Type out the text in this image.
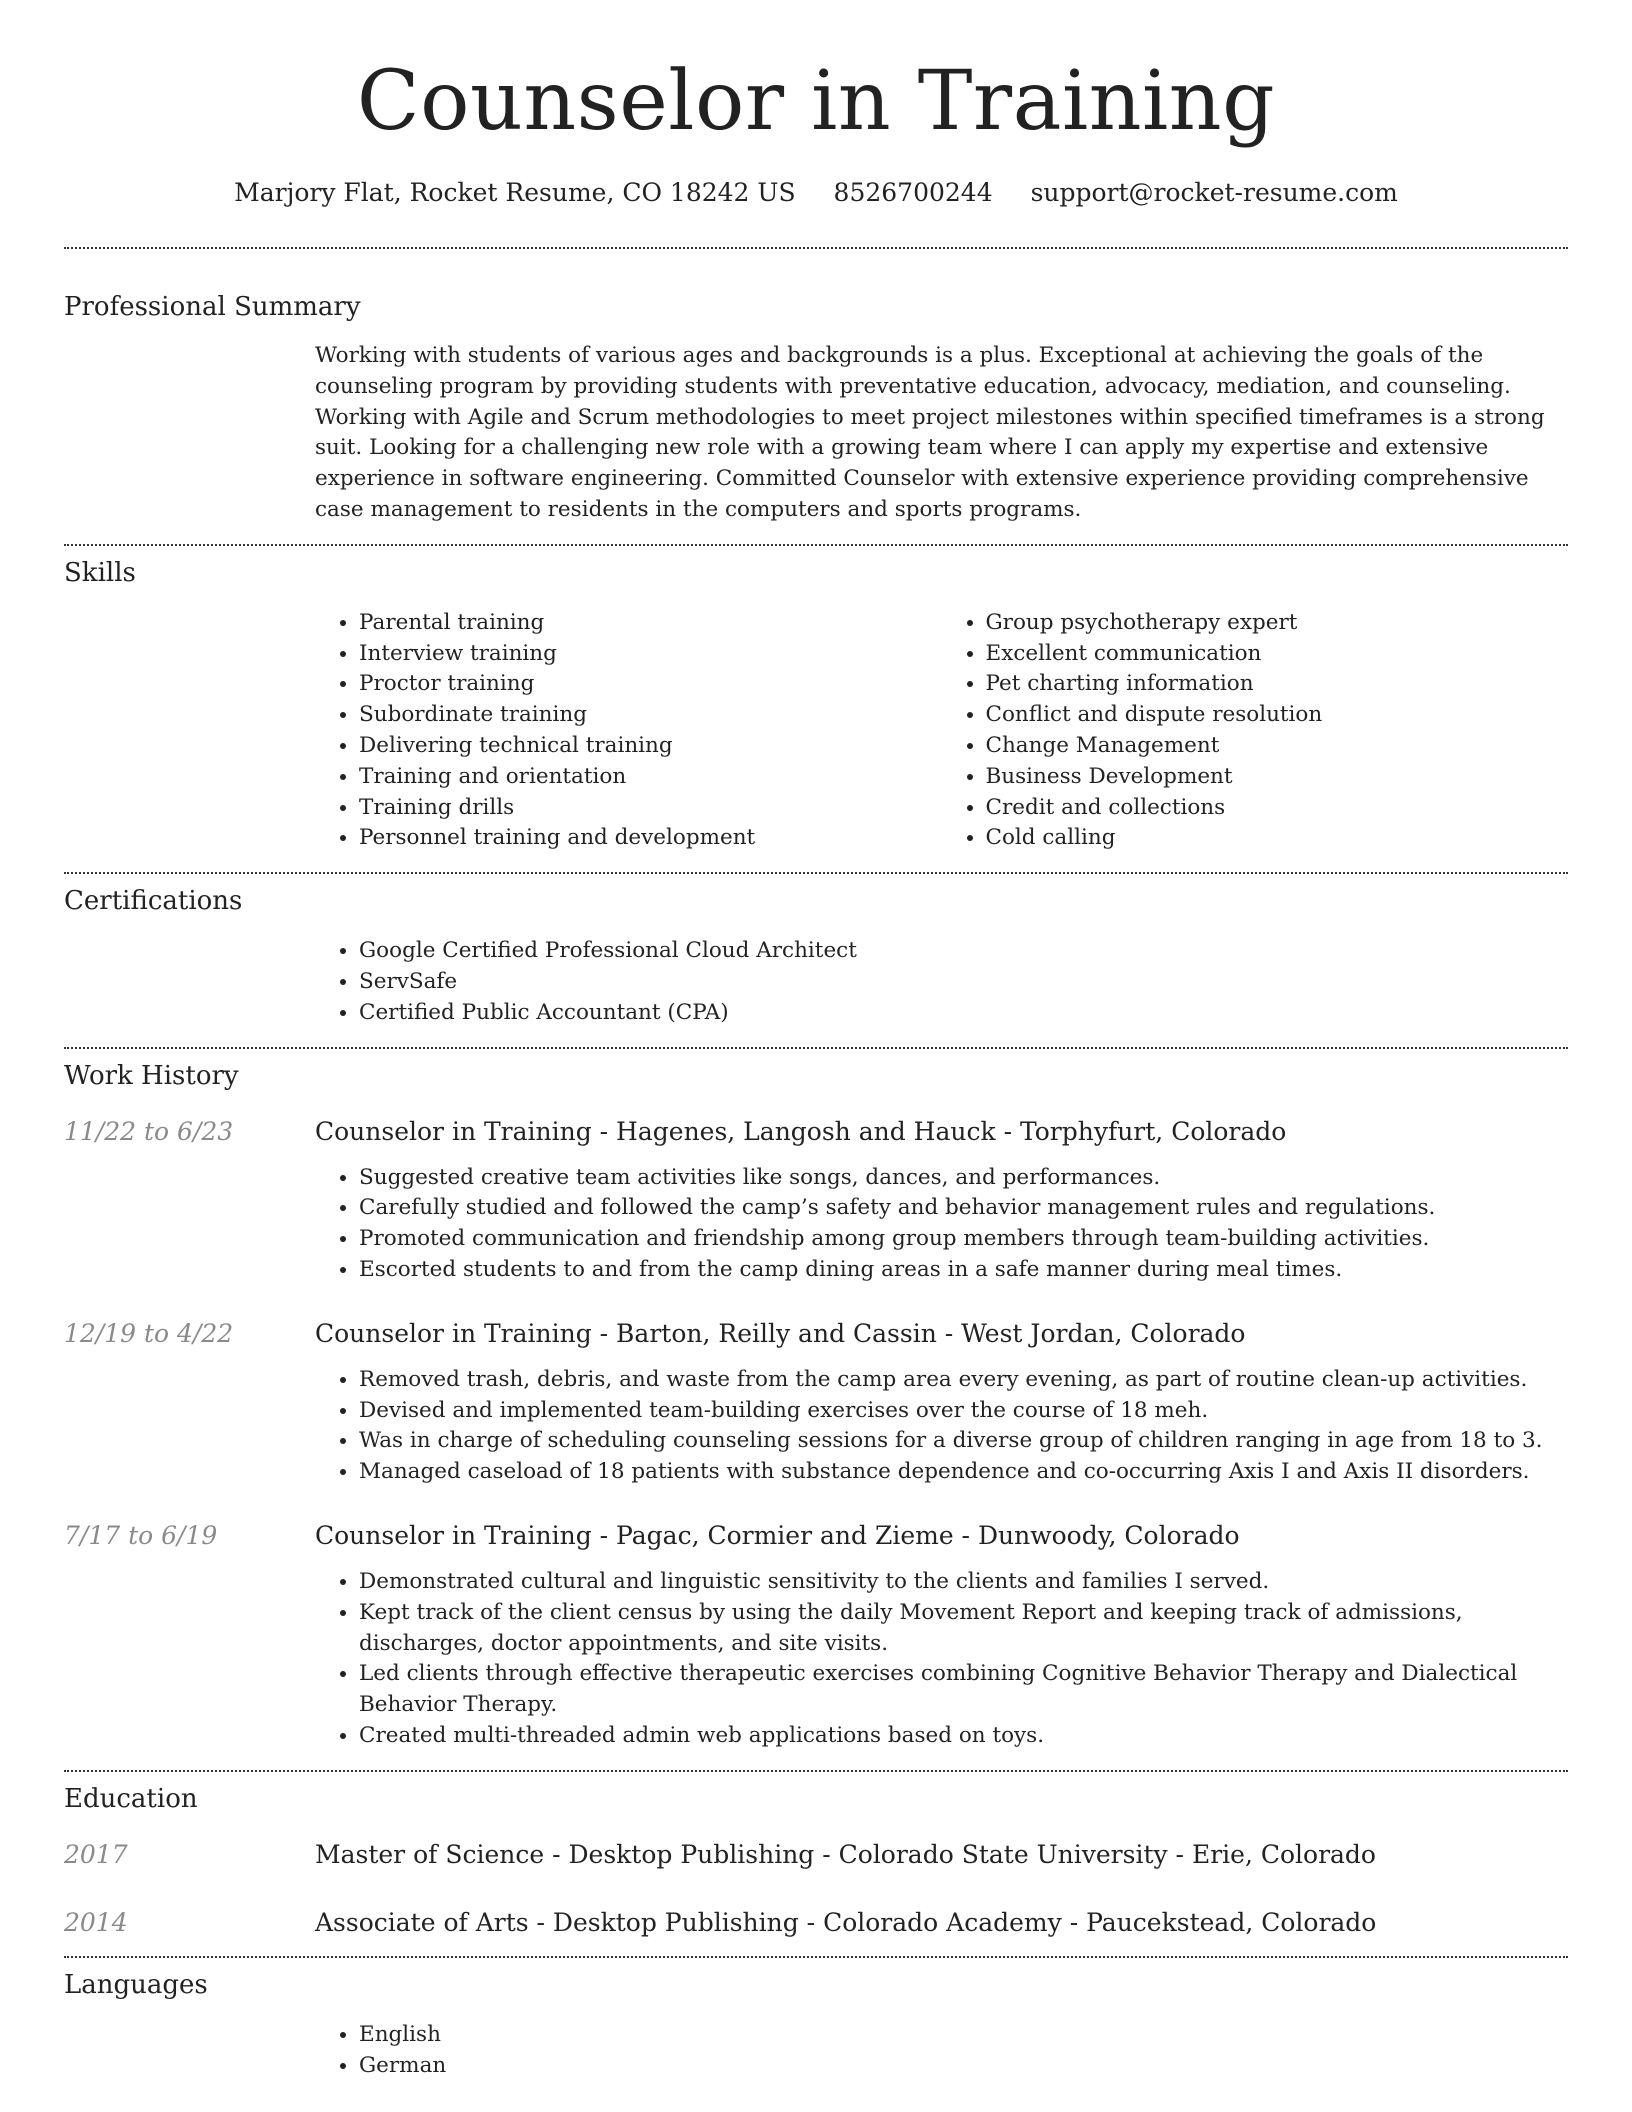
Counselor in Training
Marjory Flat, Rocket Resume, CO 18242 US 8526700244 support@rocket-resume.com
Professional Summary

Working with students of various ages and backgrounds is a plus. Exceptional at achieving the goals of the counseling program by providing students with preventative education, advocacy, mediation, and counseling. Working with Agile and Scrum methodologies to meet project milestones within specified timeframes is a strong suit. Looking for a challenging new role with a growing team where I can apply my expertise and extensive experience in software engineering. Committed Counselor with extensive experience providing comprehensive case management to residents in the computers and sports programs.

Skills
• Parental training
• Interview training
• Proctor training
• Subordinate training
• Delivering technical training
• Training and orientation
• Training drills
• Personnel training and development
• Group psychotherapy expert
• Excellent communication
• Pet charting information
• Conflict and dispute resolution
• Change Management
• Business Development
• Credit and collections
• Cold calling
Certifications
• Google Certified Professional Cloud Architect
• ServSafe
• Certified Public Accountant (CPA)
Work History
11/22 to 6/23	Counselor in Training - Hagenes, Langosh and Hauck - Torphyfurt, Colorado
• Suggested creative team activities like songs, dances, and performances.
• Carefully studied and followed the camp’s safety and behavior management rules and regulations.
• Promoted communication and friendship among group members through team-building activities.
• Escorted students to and from the camp dining areas in a safe manner during meal times.
12/19 to 4/22	Counselor in Training - Barton, Reilly and Cassin - West Jordan, Colorado
• Removed trash, debris, and waste from the camp area every evening, as part of routine clean-up activities.
• Devised and implemented team-building exercises over the course of 18 meh.
• Was in charge of scheduling counseling sessions for a diverse group of children ranging in age from 18 to 3.
• Managed caseload of 18 patients with substance dependence and co-occurring Axis I and Axis II disorders.
7/17 to 6/19	Counselor in Training - Pagac, Cormier and Zieme - Dunwoody, Colorado
• Demonstrated cultural and linguistic sensitivity to the clients and families I served.
• Kept track of the client census by using the daily Movement Report and keeping track of admissions, discharges, doctor appointments, and site visits.
• Led clients through effective therapeutic exercises combining Cognitive Behavior Therapy and Dialectical Behavior Therapy.
• Created multi-threaded admin web applications based on toys.
Education
2017	Master of Science - Desktop Publishing - Colorado State University - Erie, Colorado
2014	Associate of Arts - Desktop Publishing - Colorado Academy - Paucekstead, Colorado
Languages
• English
• German
